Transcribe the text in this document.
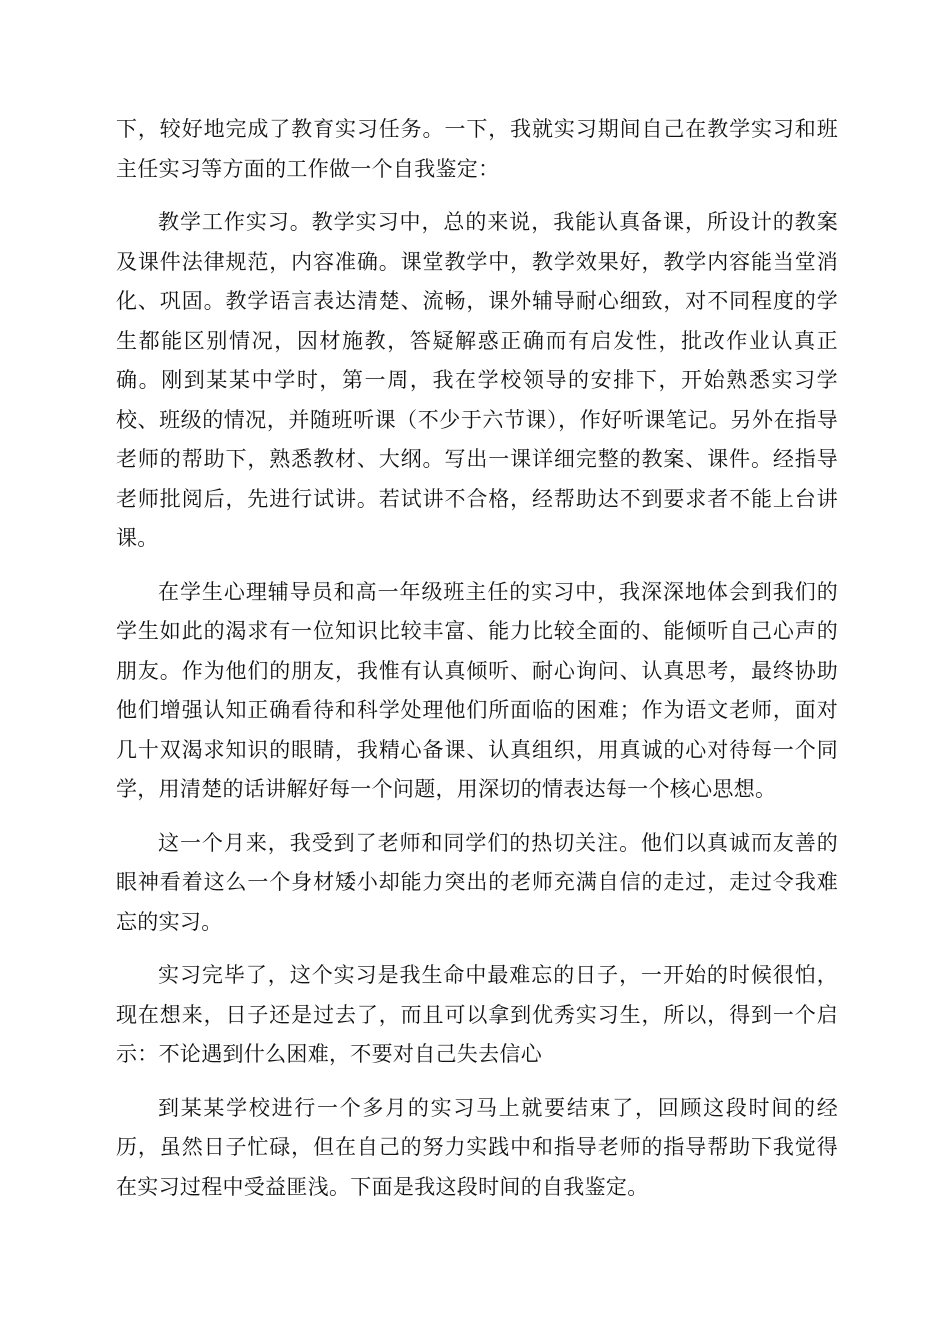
下，较好地完成了教育实习任务。一下，我就实习期间自己在教学实习和班主任实习等方面的工作做一个自我鉴定：

教学工作实习。教学实习中，总的来说，我能认真备课，所设计的教案及课件法律规范，内容准确。课堂教学中，教学效果好，教学内容能当堂消化、巩固。教学语言表达清楚、流畅，课外辅导耐心细致，对不同程度的学生都能区别情况，因材施教，答疑解惑正确而有启发性，批改作业认真正确。刚到某某中学时，第一周，我在学校领导的安排下，开始熟悉实习学校、班级的情况，并随班听课（不少于六节课），作好听课笔记。另外在指导老师的帮助下，熟悉教材、大纲。写出一课详细完整的教案、课件。经指导老师批阅后，先进行试讲。若试讲不合格，经帮助达不到要求者不能上台讲课。

在学生心理辅导员和高一年级班主任的实习中，我深深地体会到我们的学生如此的渴求有一位知识比较丰富、能力比较全面的、能倾听自己心声的朋友。作为他们的朋友，我惟有认真倾听、耐心询问、认真思考，最终协助他们增强认知正确看待和科学处理他们所面临的困难；作为语文老师，面对几十双渴求知识的眼睛，我精心备课、认真组织，用真诚的心对待每一个同学，用清楚的话讲解好每一个问题，用深切的情表达每一个核心思想。

这一个月来，我受到了老师和同学们的热切关注。他们以真诚而友善的眼神看着这么一个身材矮小却能力突出的老师充满自信的走过，走过令我难忘的实习。

实习完毕了，这个实习是我生命中最难忘的日子，一开始的时候很怕，现在想来，日子还是过去了，而且可以拿到优秀实习生，所以，得到一个启示：不论遇到什么困难，不要对自己失去信心

到某某学校进行一个多月的实习马上就要结束了，回顾这段时间的经历，虽然日子忙碌，但在自己的努力实践中和指导老师的指导帮助下我觉得在实习过程中受益匪浅。下面是我这段时间的自我鉴定。
